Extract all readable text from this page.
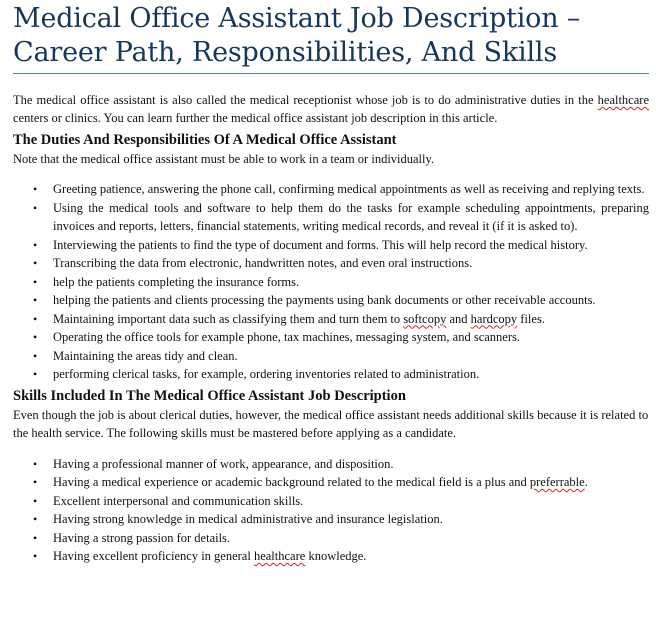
Medical Office Assistant Job Description – Career Path, Responsibilities, And Skills

The medical office assistant is also called the medical receptionist whose job is to do administrative duties in the healthcare centers or clinics. You can learn further the medical office assistant job description in this article.

The Duties And Responsibilities Of A Medical Office Assistant

Note that the medical office assistant must be able to work in a team or individually.

• Greeting patience, answering the phone call, confirming medical appointments as well as receiving and replying texts.
• Using the medical tools and software to help them do the tasks for example scheduling appointments, preparing invoices and reports, letters, financial statements, writing medical records, and reveal it (if it is asked to).
• Interviewing the patients to find the type of document and forms. This will help record the medical history.
• Transcribing the data from electronic, handwritten notes, and even oral instructions.
• help the patients completing the insurance forms.
• helping the patients and clients processing the payments using bank documents or other receivable accounts.
• Maintaining important data such as classifying them and turn them to softcopy and hardcopy files.
• Operating the office tools for example phone, tax machines, messaging system, and scanners.
• Maintaining the areas tidy and clean.
• performing clerical tasks, for example, ordering inventories related to administration.
Skills Included In The Medical Office Assistant Job Description

Even though the job is about clerical duties, however, the medical office assistant needs additional skills because it is related to the health service. The following skills must be mastered before applying as a candidate.

• Having a professional manner of work, appearance, and disposition.
• Having a medical experience or academic background related to the medical field is a plus and preferrable.
• Excellent interpersonal and communication skills.
• Having strong knowledge in medical administrative and insurance legislation.
• Having a strong passion for details.
• Having excellent proficiency in general healthcare knowledge.
